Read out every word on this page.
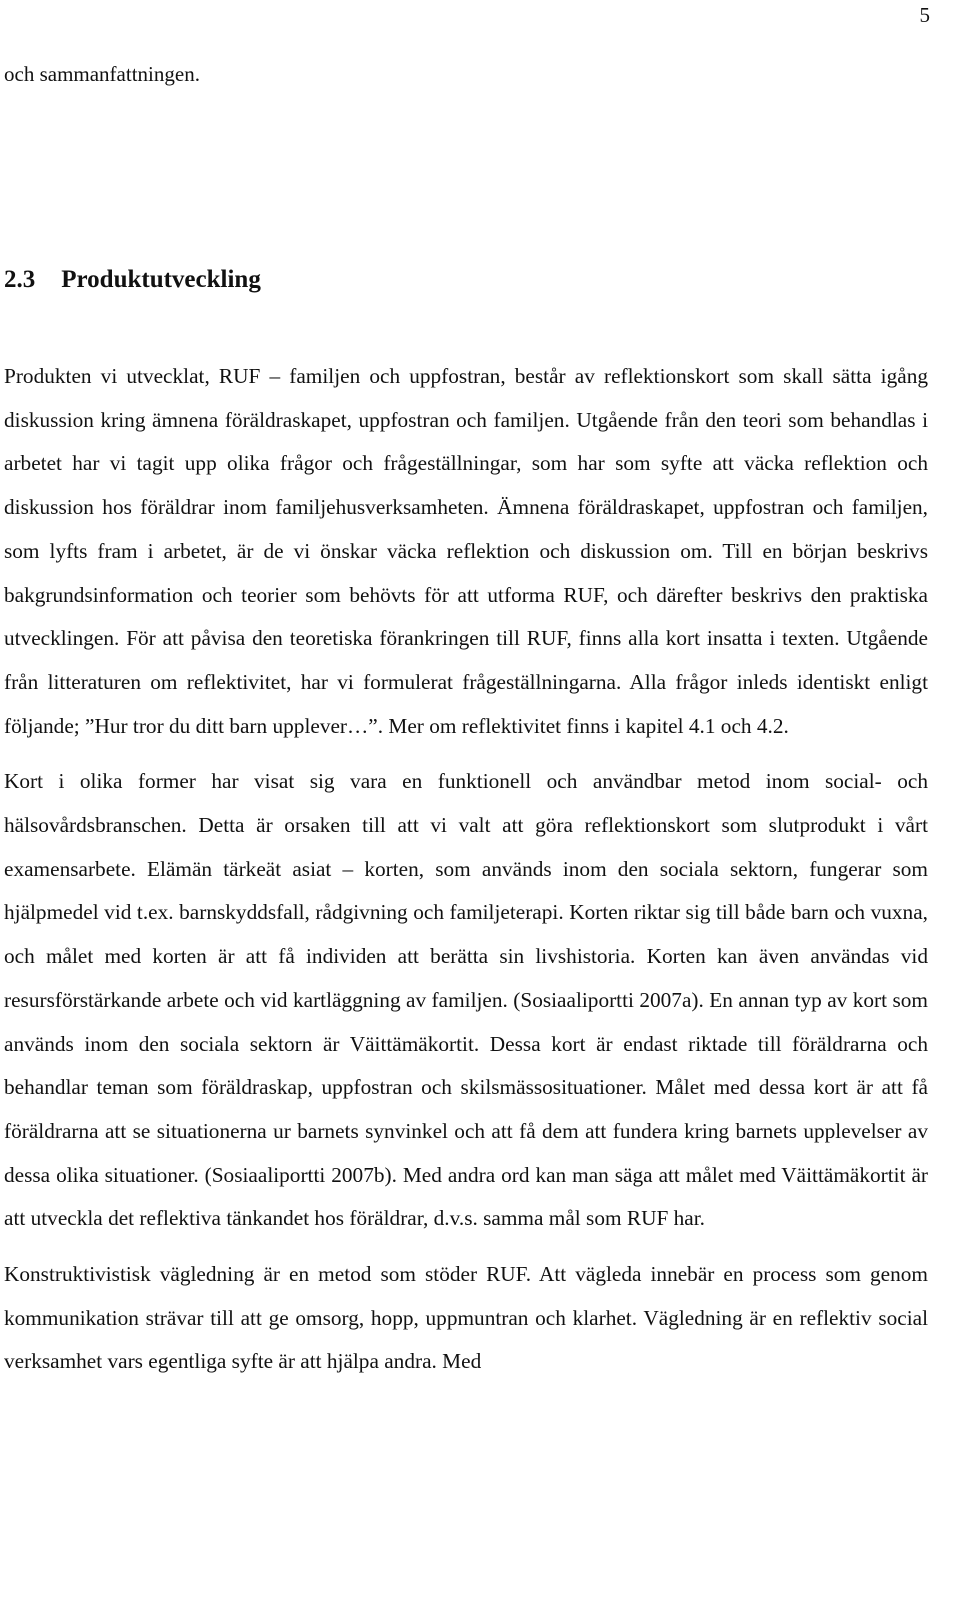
5

och sammanfattningen.

2.3 Produktutveckling

Produkten vi utvecklat, RUF – familjen och uppfostran, består av reflektionskort som skall sätta igång diskussion kring ämnena föräldraskapet, uppfostran och familjen. Utgående från den teori som behandlas i arbetet har vi tagit upp olika frågor och frågeställningar, som har som syfte att väcka reflektion och diskussion hos föräldrar inom familjehusverksamheten. Ämnena föräldraskapet, uppfostran och familjen, som lyfts fram i arbetet, är de vi önskar väcka reflektion och diskussion om. Till en början beskrivs bakgrundsinformation och teorier som behövts för att utforma RUF, och därefter beskrivs den praktiska utvecklingen. För att påvisa den teoretiska förankringen till RUF, finns alla kort insatta i texten. Utgående från litteraturen om reflektivitet, har vi formulerat frågeställningarna. Alla frågor inleds identiskt enligt följande; ”Hur tror du ditt barn upplever…”. Mer om reflektivitet finns i kapitel 4.1 och 4.2.

Kort i olika former har visat sig vara en funktionell och användbar metod inom social- och hälsovårdsbranschen. Detta är orsaken till att vi valt att göra reflektionskort som slutprodukt i vårt examensarbete. Elämän tärkeät asiat – korten, som används inom den sociala sektorn, fungerar som hjälpmedel vid t.ex. barnskyddsfall, rådgivning och familjeterapi. Korten riktar sig till både barn och vuxna, och målet med korten är att få individen att berätta sin livshistoria. Korten kan även användas vid resursförstärkande arbete och vid kartläggning av familjen. (Sosiaaliportti 2007a). En annan typ av kort som används inom den sociala sektorn är Väittämäkortit. Dessa kort är endast riktade till föräldrarna och behandlar teman som föräldraskap, uppfostran och skilsmässosituationer. Målet med dessa kort är att få föräldrarna att se situationerna ur barnets synvinkel och att få dem att fundera kring barnets upplevelser av dessa olika situationer. (Sosiaaliportti 2007b). Med andra ord kan man säga att målet med Väittämäkortit är att utveckla det reflektiva tänkandet hos föräldrar, d.v.s. samma mål som RUF har.

Konstruktivistisk vägledning är en metod som stöder RUF. Att vägleda innebär en process som genom kommunikation strävar till att ge omsorg, hopp, uppmuntran och klarhet. Vägledning är en reflektiv social verksamhet vars egentliga syfte är att hjälpa andra. Med
